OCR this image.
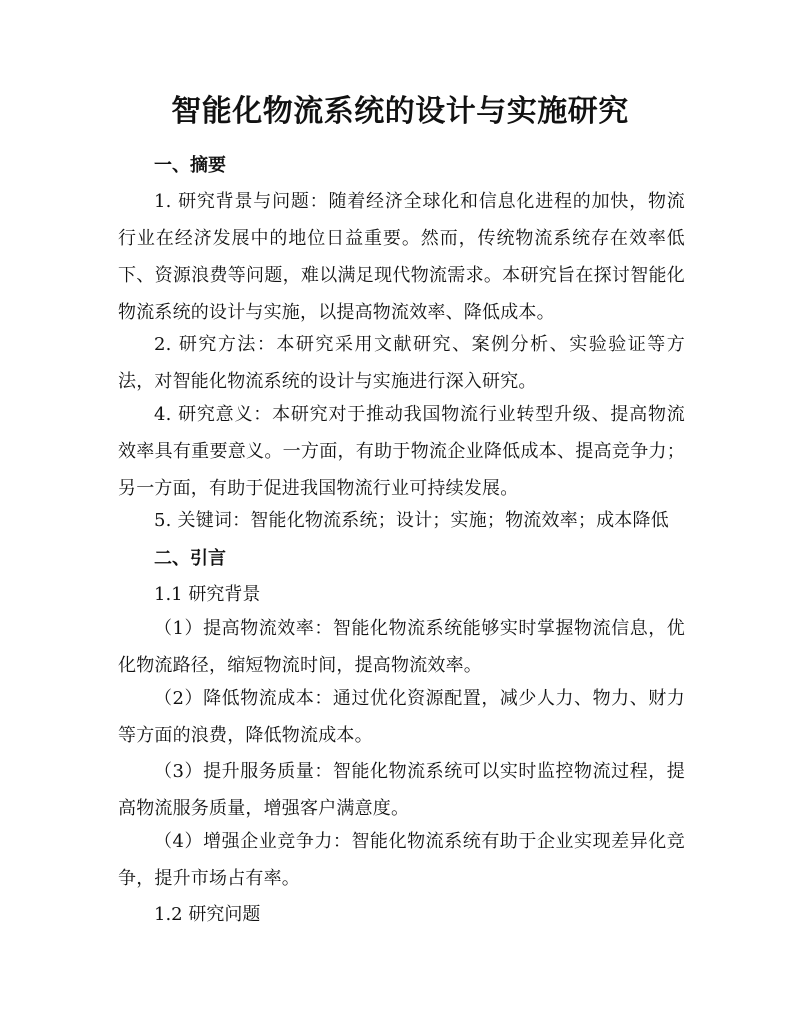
智能化物流系统的设计与实施研究

一、摘要

1. 研究背景与问题：随着经济全球化和信息化进程的加快，物流行业在经济发展中的地位日益重要。然而，传统物流系统存在效率低下、资源浪费等问题，难以满足现代物流需求。本研究旨在探讨智能化物流系统的设计与实施，以提高物流效率、降低成本。

2. 研究方法：本研究采用文献研究、案例分析、实验验证等方法，对智能化物流系统的设计与实施进行深入研究。

4. 研究意义：本研究对于推动我国物流行业转型升级、提高物流效率具有重要意义。一方面，有助于物流企业降低成本、提高竞争力；另一方面，有助于促进我国物流行业可持续发展。

5. 关键词：智能化物流系统；设计；实施；物流效率；成本降低

二、引言

1.1 研究背景

（1）提高物流效率：智能化物流系统能够实时掌握物流信息，优化物流路径，缩短物流时间，提高物流效率。

（2）降低物流成本：通过优化资源配置，减少人力、物力、财力等方面的浪费，降低物流成本。

（3）提升服务质量：智能化物流系统可以实时监控物流过程，提高物流服务质量，增强客户满意度。

（4）增强企业竞争力：智能化物流系统有助于企业实现差异化竞争，提升市场占有率。

1.2 研究问题
